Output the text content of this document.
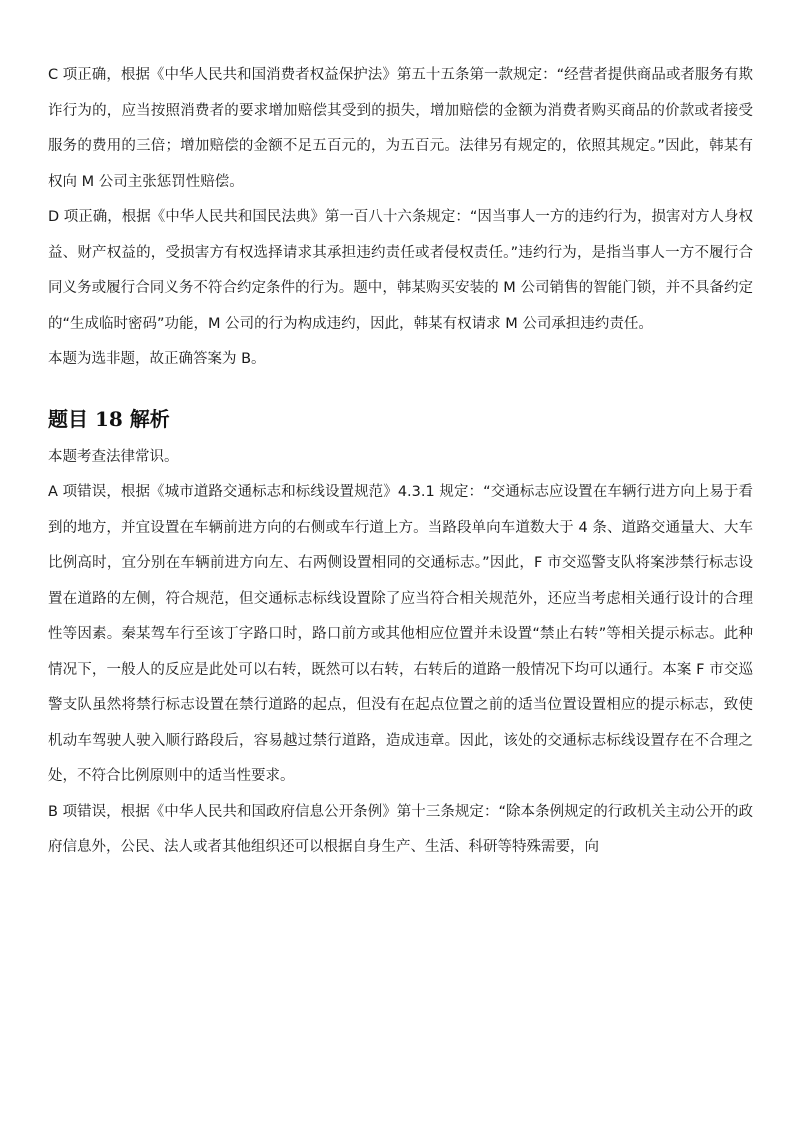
C 项正确，根据《中华人民共和国消费者权益保护法》第五十五条第一款规定：“经营者提供商品或者服务有欺诈行为的，应当按照消费者的要求增加赔偿其受到的损失，增加赔偿的金额为消费者购买商品的价款或者接受服务的费用的三倍；增加赔偿的金额不足五百元的，为五百元。法律另有规定的，依照其规定。”因此，韩某有权向 M 公司主张惩罚性赔偿。

D 项正确，根据《中华人民共和国民法典》第一百八十六条规定：“因当事人一方的违约行为，损害对方人身权益、财产权益的，受损害方有权选择请求其承担违约责任或者侵权责任。”违约行为，是指当事人一方不履行合同义务或履行合同义务不符合约定条件的行为。题中，韩某购买安装的 M 公司销售的智能门锁，并不具备约定的“生成临时密码”功能，M 公司的行为构成违约，因此，韩某有权请求 M 公司承担违约责任。

本题为选非题，故正确答案为 B。

题目 18 解析

本题考查法律常识。

A 项错误，根据《城市道路交通标志和标线设置规范》4.3.1 规定：“交通标志应设置在车辆行进方向上易于看到的地方，并宜设置在车辆前进方向的右侧或车行道上方。当路段单向车道数大于 4 条、道路交通量大、大车比例高时，宜分别在车辆前进方向左、右两侧设置相同的交通标志。”因此，F 市交巡警支队将案涉禁行标志设置在道路的左侧，符合规范，但交通标志标线设置除了应当符合相关规范外，还应当考虑相关通行设计的合理性等因素。秦某驾车行至该丁字路口时，路口前方或其他相应位置并未设置“禁止右转”等相关提示标志。此种情况下，一般人的反应是此处可以右转，既然可以右转，右转后的道路一般情况下均可以通行。本案 F 市交巡警支队虽然将禁行标志设置在禁行道路的起点，但没有在起点位置之前的适当位置设置相应的提示标志，致使机动车驾驶人驶入顺行路段后，容易越过禁行道路，造成违章。因此，该处的交通标志标线设置存在不合理之处，不符合比例原则中的适当性要求。

B 项错误，根据《中华人民共和国政府信息公开条例》第十三条规定：“除本条例规定的行政机关主动公开的政府信息外，公民、法人或者其他组织还可以根据自身生产、生活、科研等特殊需要，向
